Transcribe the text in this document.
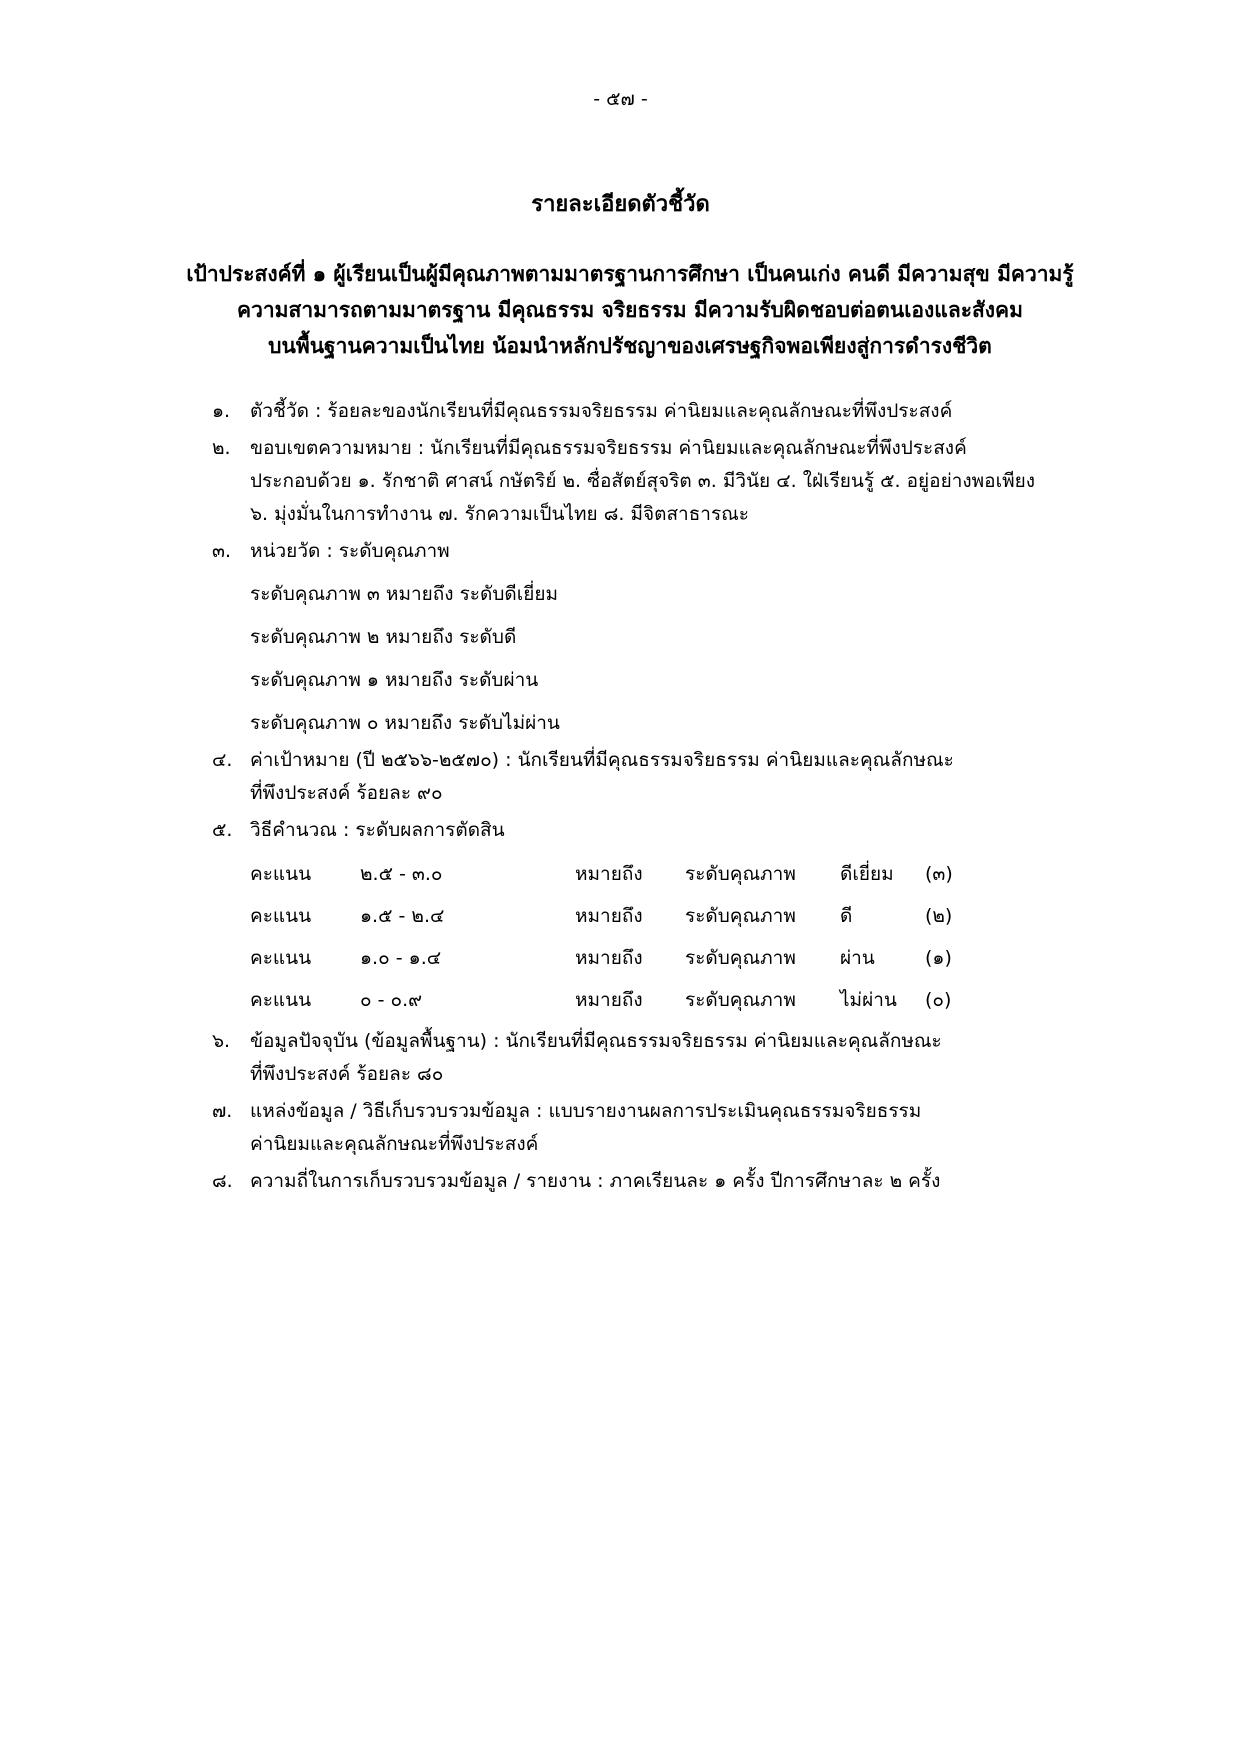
- ๕๗ -
รายละเอียดตัวชี้วัด
เป้าประสงค์ที่ ๑ ผู้เรียนเป็นผู้มีคุณภาพตามมาตรฐานการศึกษา เป็นคนเก่ง คนดี มีความสุข มีความรู้
ความสามารถตามมาตรฐาน มีคุณธรรม จริยธรรม มีความรับผิดชอบต่อตนเองและสังคม
บนพื้นฐานความเป็นไทย น้อมนำหลักปรัชญาของเศรษฐกิจพอเพียงสู่การดำรงชีวิต
๑.	ตัวชี้วัด : ร้อยละของนักเรียนที่มีคุณธรรมจริยธรรม ค่านิยมและคุณลักษณะที่พึงประสงค์
๒.	ขอบเขตความหมาย : นักเรียนที่มีคุณธรรมจริยธรรม ค่านิยมและคุณลักษณะที่พึงประสงค์
ประกอบด้วย ๑. รักชาติ ศาสน์ กษัตริย์ ๒. ซื่อสัตย์สุจริต ๓. มีวินัย ๔. ใฝ่เรียนรู้ ๕. อยู่อย่างพอเพียง
๖. มุ่งมั่นในการทำงาน ๗. รักความเป็นไทย ๘. มีจิตสาธารณะ
๓. หน่วยวัด : ระดับคุณภาพ
ระดับคุณภาพ ๓ หมายถึง ระดับดีเยี่ยม
ระดับคุณภาพ ๒ หมายถึง ระดับดี
ระดับคุณภาพ ๑ หมายถึง ระดับผ่าน
ระดับคุณภาพ ๐ หมายถึง ระดับไม่ผ่าน
๔. ค่าเป้าหมาย (ปี ๒๕๖๖-๒๕๗๐) : นักเรียนที่มีคุณธรรมจริยธรรม ค่านิยมและคุณลักษณะ
ที่พึงประสงค์ ร้อยละ ๙๐
๕. วิธีคำนวณ : ระดับผลการตัดสิน
คะแนน	๒.๕ - ๓.๐	หมายถึง	ระดับคุณภาพ	ดีเยี่ยม	(๓)
คะแนน	๑.๕ - ๒.๔	หมายถึง	ระดับคุณภาพ	ดี	(๒)
คะแนน	๑.๐ - ๑.๔	หมายถึง	ระดับคุณภาพ	ผ่าน	(๑)
คะแนน	๐ - ๐.๙	หมายถึง	ระดับคุณภาพ	ไม่ผ่าน	(๐)
๖.	ข้อมูลปัจจุบัน (ข้อมูลพื้นฐาน) : นักเรียนที่มีคุณธรรมจริยธรรม ค่านิยมและคุณลักษณะ
ที่พึงประสงค์ ร้อยละ ๘๐
๗. แหล่งข้อมูล / วิธีเก็บรวบรวมข้อมูล : แบบรายงานผลการประเมินคุณธรรมจริยธรรม
ค่านิยมและคุณลักษณะที่พึงประสงค์
๘. ความถี่ในการเก็บรวบรวมข้อมูล / รายงาน : ภาคเรียนละ ๑ ครั้ง ปีการศึกษาละ ๒ ครั้ง
